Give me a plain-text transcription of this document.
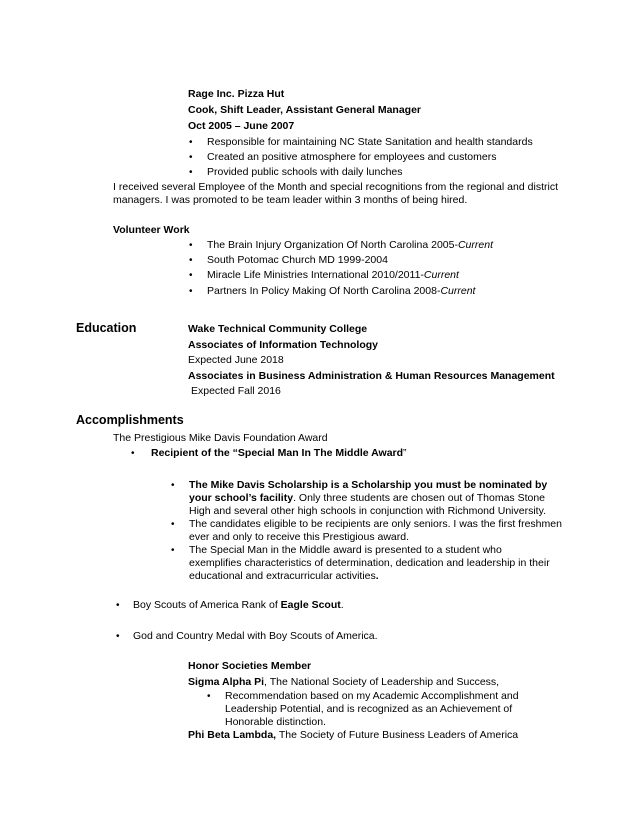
Rage Inc. Pizza Hut
Cook, Shift Leader, Assistant General Manager
Oct 2005 – June 2007
• Responsible for maintaining NC State Sanitation and health standards
• Created an positive atmosphere for employees and customers
• Provided public schools with daily lunches
I received several Employee of the Month and special recognitions from the regional and district managers. I was promoted to be team leader within 3 months of being hired.
Volunteer Work
• The Brain Injury Organization Of North Carolina 2005-Current
• South Potomac Church MD 1999-2004
• Miracle Life Ministries International 2010/2011-Current
• Partners In Policy Making Of North Carolina 2008-Current
Education	Wake Technical Community College
Associates of Information Technology
Expected June 2018
Associates in Business Administration & Human Resources Management
Expected Fall 2016
Accomplishments
The Prestigious Mike Davis Foundation Award
• Recipient of the “Special Man In The Middle Award”
• The Mike Davis Scholarship is a Scholarship you must be nominated by your school’s facility. Only three students are chosen out of Thomas Stone High and several other high schools in conjunction with Richmond University.
• The candidates eligible to be recipients are only seniors. I was the first freshmen ever and only to receive this Prestigious award.
• The Special Man in the Middle award is presented to a student who exemplifies characteristics of determination, dedication and leadership in their educational and extracurricular activities.
• Boy Scouts of America Rank of Eagle Scout.
• God and Country Medal with Boy Scouts of America.
Honor Societies Member
Sigma Alpha Pi, The National Society of Leadership and Success,
• Recommendation based on my Academic Accomplishment and Leadership Potential, and is recognized as an Achievement of Honorable distinction.
Phi Beta Lambda, The Society of Future Business Leaders of America
